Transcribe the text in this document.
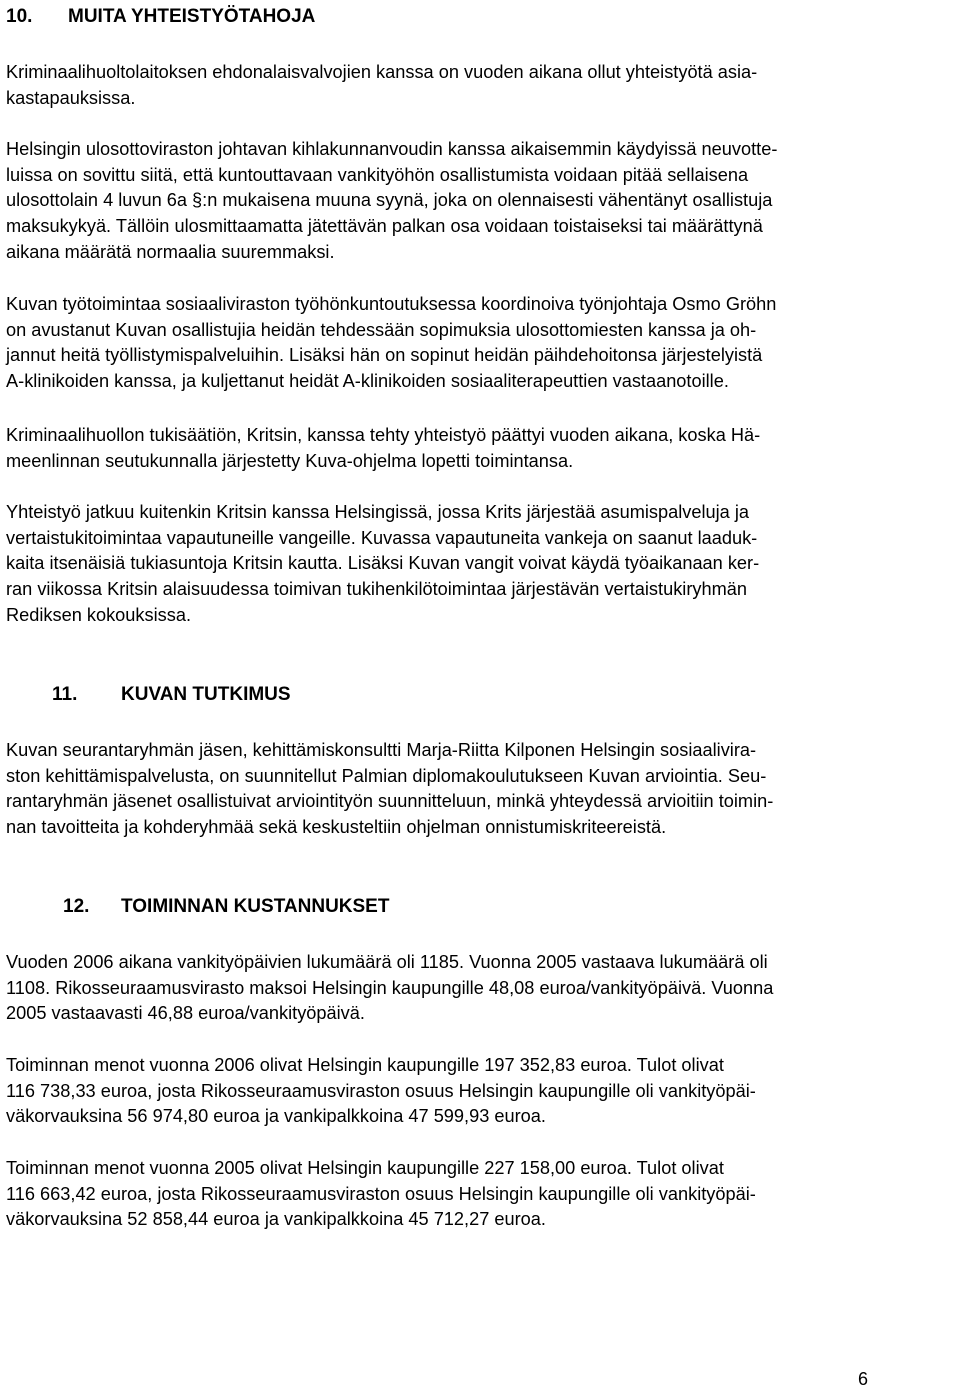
10. MUITA YHTEISTYÖTAHOJA
Kriminaalihuoltolaitoksen ehdonalaisvalvojien kanssa on vuoden aikana ollut yhteistyötä asia-
kastapauksissa.
Helsingin ulosottoviraston johtavan kihlakunnanvoudin kanssa aikaisemmin käydyissä neuvotte-
luissa on sovittu siitä, että kuntouttavaan vankityöhön osallistumista voidaan pitää sellaisena
ulosottolain 4 luvun 6a §:n mukaisena muuna syynä, joka on olennaisesti vähentänyt osallistuja
maksukykyä. Tällöin ulosmittaamatta jätettävän palkan osa voidaan toistaiseksi tai määrättynä
aikana määrätä normaalia suuremmaksi.
Kuvan työtoimintaa sosiaaliviraston työhönkuntoutuksessa koordinoiva työnjohtaja Osmo Gröhn
on avustanut Kuvan osallistujia heidän tehdessään sopimuksia ulosottomiesten kanssa ja oh-
jannut heitä työllistymispalveluihin. Lisäksi hän on sopinut heidän päihdehoitonsa järjestelyistä
A-klinikoiden kanssa, ja kuljettanut heidät A-klinikoiden sosiaaliterapeuttien vastaanotoille.
Kriminaalihuollon tukisäätiön, Kritsin, kanssa tehty yhteistyö päättyi vuoden aikana, koska Hä-
meenlinnan seutukunnalla järjestetty Kuva-ohjelma lopetti toimintansa.
Yhteistyö jatkuu kuitenkin Kritsin kanssa Helsingissä, jossa Krits järjestää asumispalveluja ja
vertaistukitoimintaa vapautuneille vangeille. Kuvassa vapautuneita vankeja on saanut laaduk-
kaita itsenäisiä tukiasuntoja Kritsin kautta. Lisäksi Kuvan vangit voivat käydä työaikanaan ker-
ran viikossa Kritsin alaisuudessa toimivan tukihenkilötoimintaa järjestävän vertaistukiryhmän
Rediksen kokouksissa.
11. KUVAN TUTKIMUS
Kuvan seurantaryhmän jäsen, kehittämiskonsultti Marja-Riitta Kilponen Helsingin sosiaalivira-
ston kehittämispalvelusta, on suunnitellut Palmian diplomakoulutukseen Kuvan arviointia. Seu-
rantaryhmän jäsenet osallistuivat arviointityön suunnitteluun, minkä yhteydessä arvioitiin toimin-
nan tavoitteita ja kohderyhmää sekä keskusteltiin ohjelman onnistumiskriteereistä.
12. TOIMINNAN KUSTANNUKSET
Vuoden 2006 aikana vankityöpäivien lukumäärä oli 1185. Vuonna 2005 vastaava lukumäärä oli
1108. Rikosseuraamusvirasto maksoi Helsingin kaupungille 48,08 euroa/vankityöpäivä. Vuonna
2005 vastaavasti 46,88 euroa/vankityöpäivä.
Toiminnan menot vuonna 2006 olivat Helsingin kaupungille 197 352,83 euroa. Tulot olivat
116 738,33 euroa, josta Rikosseuraamusviraston osuus Helsingin kaupungille oli vankityöpäi-
väkorvauksina 56 974,80 euroa ja vankipalkkoina 47 599,93 euroa.
Toiminnan menot vuonna 2005 olivat Helsingin kaupungille 227 158,00 euroa. Tulot olivat
116 663,42 euroa, josta Rikosseuraamusviraston osuus Helsingin kaupungille oli vankityöpäi-
väkorvauksina 52 858,44 euroa ja vankipalkkoina 45 712,27 euroa.
6
